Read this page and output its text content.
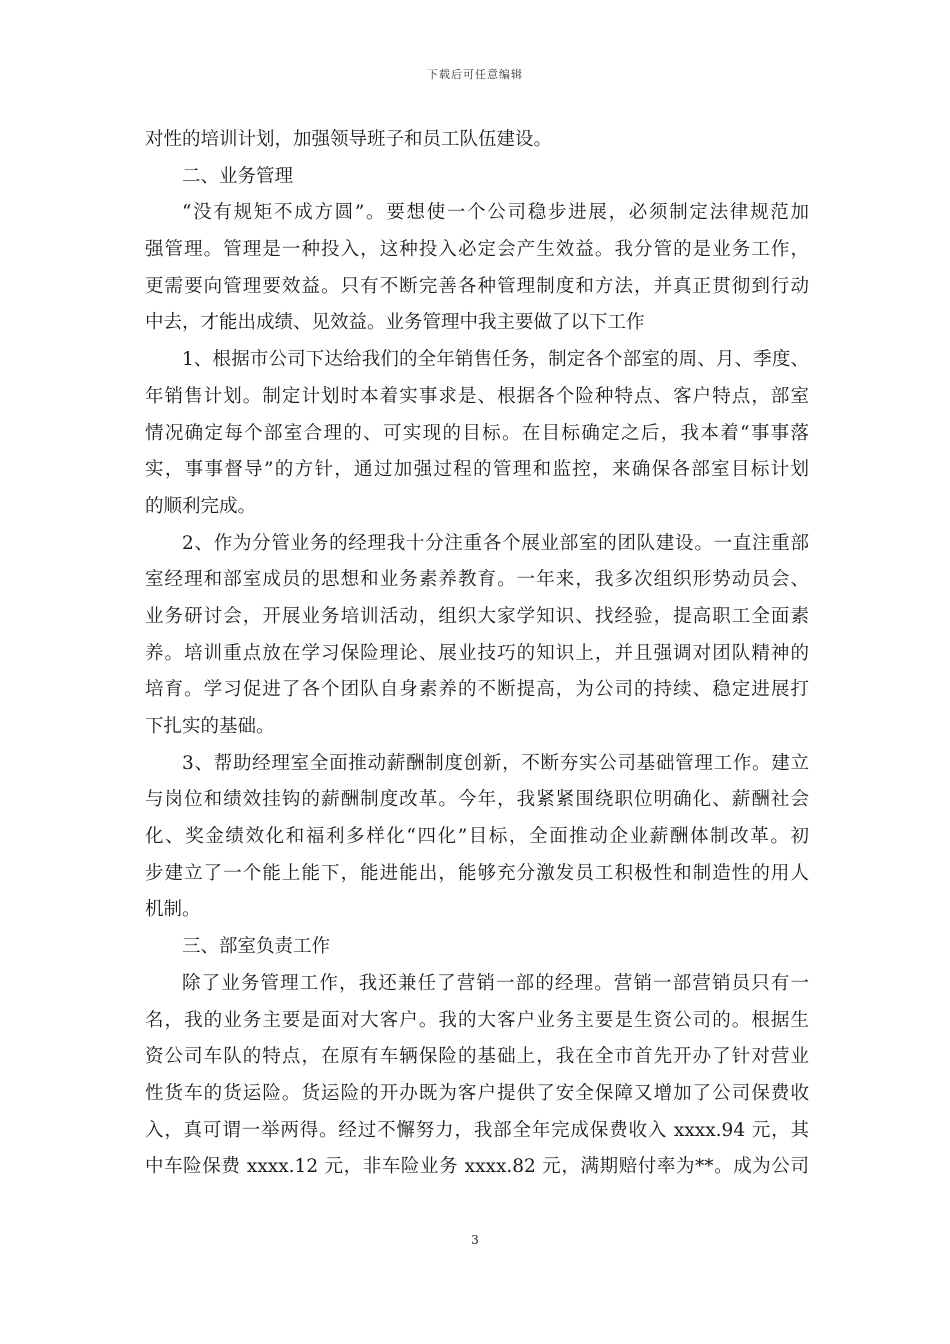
下载后可任意编辑
对性的培训计划，加强领导班子和员工队伍建设。
二、业务管理
“没有规矩不成方圆”。要想使一个公司稳步进展，必须制定法律规范加
强管理。管理是一种投入，这种投入必定会产生效益。我分管的是业务工作，
更需要向管理要效益。只有不断完善各种管理制度和方法，并真正贯彻到行动
中去，才能出成绩、见效益。业务管理中我主要做了以下工作
1、根据市公司下达给我们的全年销售任务，制定各个部室的周、月、季度、
年销售计划。制定计划时本着实事求是、根据各个险种特点、客户特点，部室
情况确定每个部室合理的、可实现的目标。在目标确定之后，我本着“事事落
实，事事督导”的方针，通过加强过程的管理和监控，来确保各部室目标计划
的顺利完成。
2、作为分管业务的经理我十分注重各个展业部室的团队建设。一直注重部
室经理和部室成员的思想和业务素养教育。一年来，我多次组织形势动员会、
业务研讨会，开展业务培训活动，组织大家学知识、找经验，提高职工全面素
养。培训重点放在学习保险理论、展业技巧的知识上，并且强调对团队精神的
培育。学习促进了各个团队自身素养的不断提高，为公司的持续、稳定进展打
下扎实的基础。
3、帮助经理室全面推动薪酬制度创新，不断夯实公司基础管理工作。建立
与岗位和绩效挂钩的薪酬制度改革。今年，我紧紧围绕职位明确化、薪酬社会
化、奖金绩效化和福利多样化“四化”目标，全面推动企业薪酬体制改革。初
步建立了一个能上能下，能进能出，能够充分激发员工积极性和制造性的用人
机制。
三、部室负责工作
除了业务管理工作，我还兼任了营销一部的经理。营销一部营销员只有一
名，我的业务主要是面对大客户。我的大客户业务主要是生资公司的。根据生
资公司车队的特点，在原有车辆保险的基础上，我在全市首先开办了针对营业
性货车的货运险。货运险的开办既为客户提供了安全保障又增加了公司保费收
入，真可谓一举两得。经过不懈努力，我部全年完成保费收入 xxxx.94 元，其
中车险保费 xxxx.12 元，非车险业务 xxxx.82 元，满期赔付率为**。成为公司
3
